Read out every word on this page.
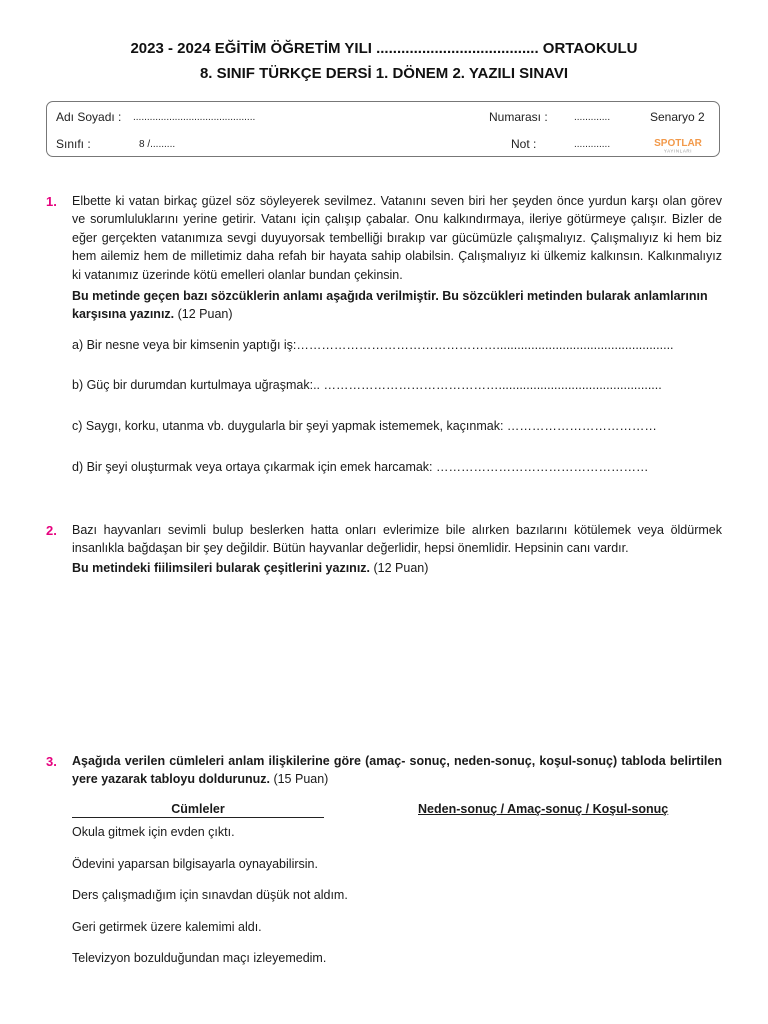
2023 - 2024 EĞİTİM ÖĞRETİM YILI ....................................... ORTAOKULU
8. SINIF TÜRKÇE DERSİ 1. DÖNEM 2. YAZILI SINAVI
Adı Soyadı : ............................................	Numarası :	.............	Senaryo 2
Sınıfı :	8 /.........	Not :	.............	SPOTLAR
YAYINLARI
1. Elbette ki vatan birkaç güzel söz söyleyerek sevilmez. Vatanını seven biri her şeyden önce yurdun karşı olan görev ve sorumluluklarını yerine getirir. Vatanı için çalışıp çabalar. Onu kalkındırmaya, ileriye götürmeye çalışır. Bizler de eğer gerçekten vatanımıza sevgi duyuyorsak tembelliği bırakıp var gücümüzle çalışmalıyız. Çalışmalıyız ki hem biz hem ailemiz hem de milletimiz daha refah bir hayata sahip olabilsin. Çalışmalıyız ki ülkemiz kalkınsın. Kalkınmalıyız ki vatanımız üzerinde kötü emelleri olanlar bundan çekinsin.

Bu metinde geçen bazı sözcüklerin anlamı aşağıda verilmiştir. Bu sözcükleri metinden bularak anlamlarının karşısına yazınız. (12 Puan)

a) Bir nesne veya bir kimsenin yaptığı iş:…………………………………………...................................................
b) Güç bir durumdan kurtulmaya uğraşmak:.. ……………………………………...............................................
c) Saygı, korku, utanma vb. duygularla bir şeyi yapmak istememek, kaçınmak: ………………………………
d) Bir şeyi oluşturmak veya ortaya çıkarmak için emek harcamak: ……………………………………………
2. Bazı hayvanları sevimli bulup beslerken hatta onları evlerimize bile alırken bazılarını kötülemek veya öldürmek insanlıkla bağdaşan bir şey değildir. Bütün hayvanlar değerlidir, hepsi önemlidir. Hepsinin canı vardır.

Bu metindeki fiilimsileri bularak çeşitlerini yazınız. (12 Puan)

3. Aşağıda verilen cümleleri anlam ilişkilerine göre (amaç- sonuç, neden-sonuç, koşul-sonuç) tabloda belirtilen yere yazarak tabloyu doldurunuz. (15 Puan)

Cümleler	Neden-sonuç / Amaç-sonuç / Koşul-sonuç
Okula gitmek için evden çıktı.
Ödevini yaparsan bilgisayarla oynayabilirsin.
Ders çalışmadığım için sınavdan düşük not aldım.
Geri getirmek üzere kalemimi aldı.
Televizyon bozulduğundan maçı izleyemedim.
